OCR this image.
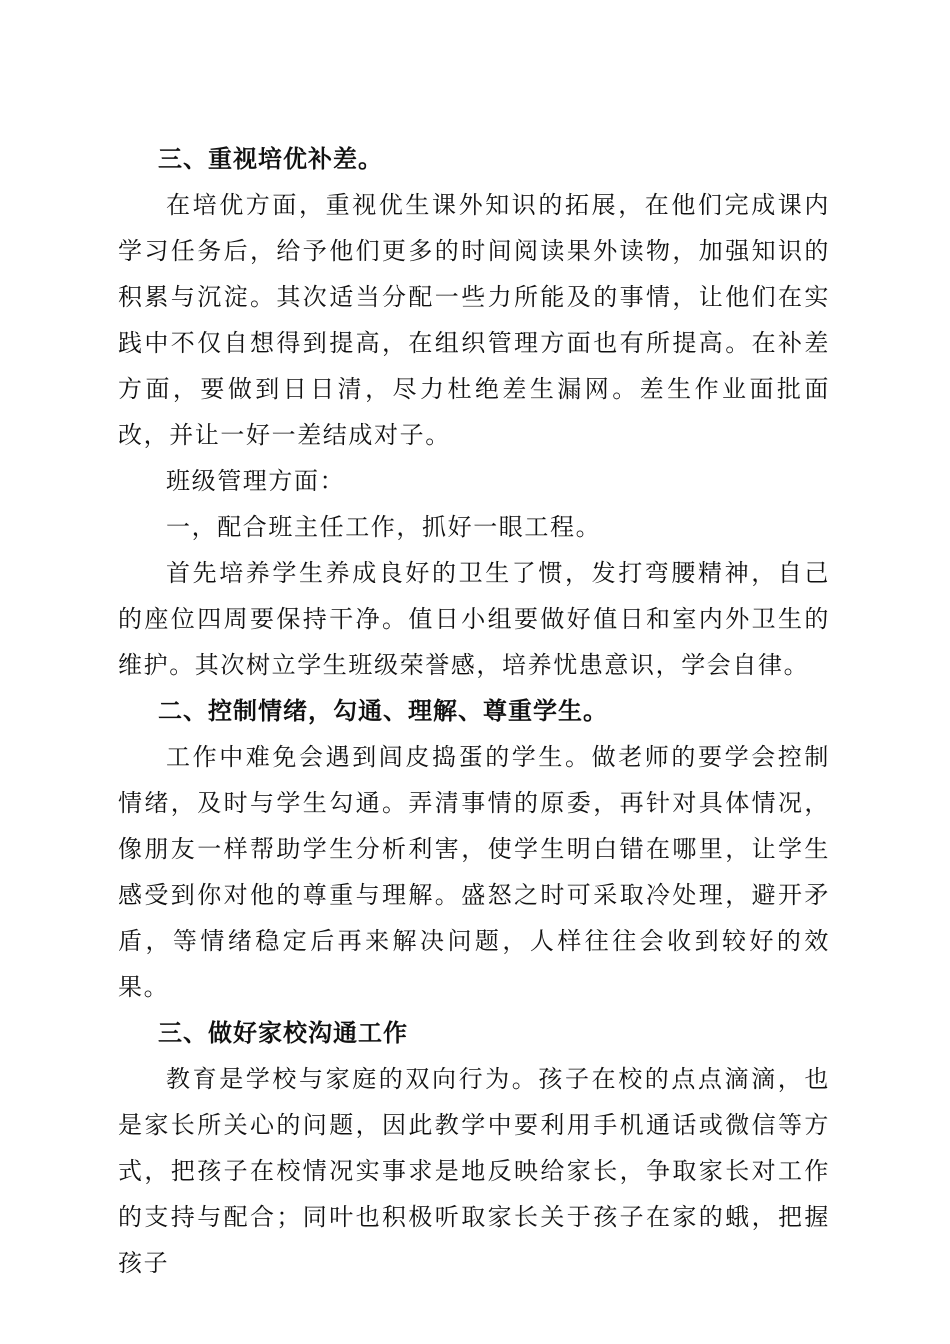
三、重视培优补差。

在培优方面，重视优生课外知识的拓展，在他们完成课内学习任务后，给予他们更多的时间阅读果外读物，加强知识的积累与沉淀。其次适当分配一些力所能及的事情，让他们在实践中不仅自想得到提高，在组织管理方面也有所提高。在补差方面，要做到日日清，尽力杜绝差生漏网。差生作业面批面改，并让一好一差结成对子。

班级管理方面：

一，配合班主任工作，抓好一眼工程。

首先培养学生养成良好的卫生了惯，发打弯腰精神，自己的座位四周要保持干净。值日小组要做好值日和室内外卫生的维护。其次树立学生班级荣誉感，培养忧患意识，学会自律。

二、控制情绪，勾通、理解、尊重学生。

工作中难免会遇到闾皮捣蛋的学生。做老师的要学会控制情绪，及时与学生勾通。弄清事情的原委，再针对具体情况，像朋友一样帮助学生分析利害，使学生明白错在哪里，让学生感受到你对他的尊重与理解。盛怒之时可采取冷处理，避开矛盾，等情绪稳定后再来解决问题，人样往往会收到较好的效果。

三、做好家校沟通工作

教育是学校与家庭的双向行为。孩子在校的点点滴滴，也是家长所关心的问题，因此教学中要利用手机通话或微信等方式，把孩子在校情况实事求是地反映给家长，争取家长对工作的支持与配合；同叶也积极听取家长关于孩子在家的蛾，把握孩子
